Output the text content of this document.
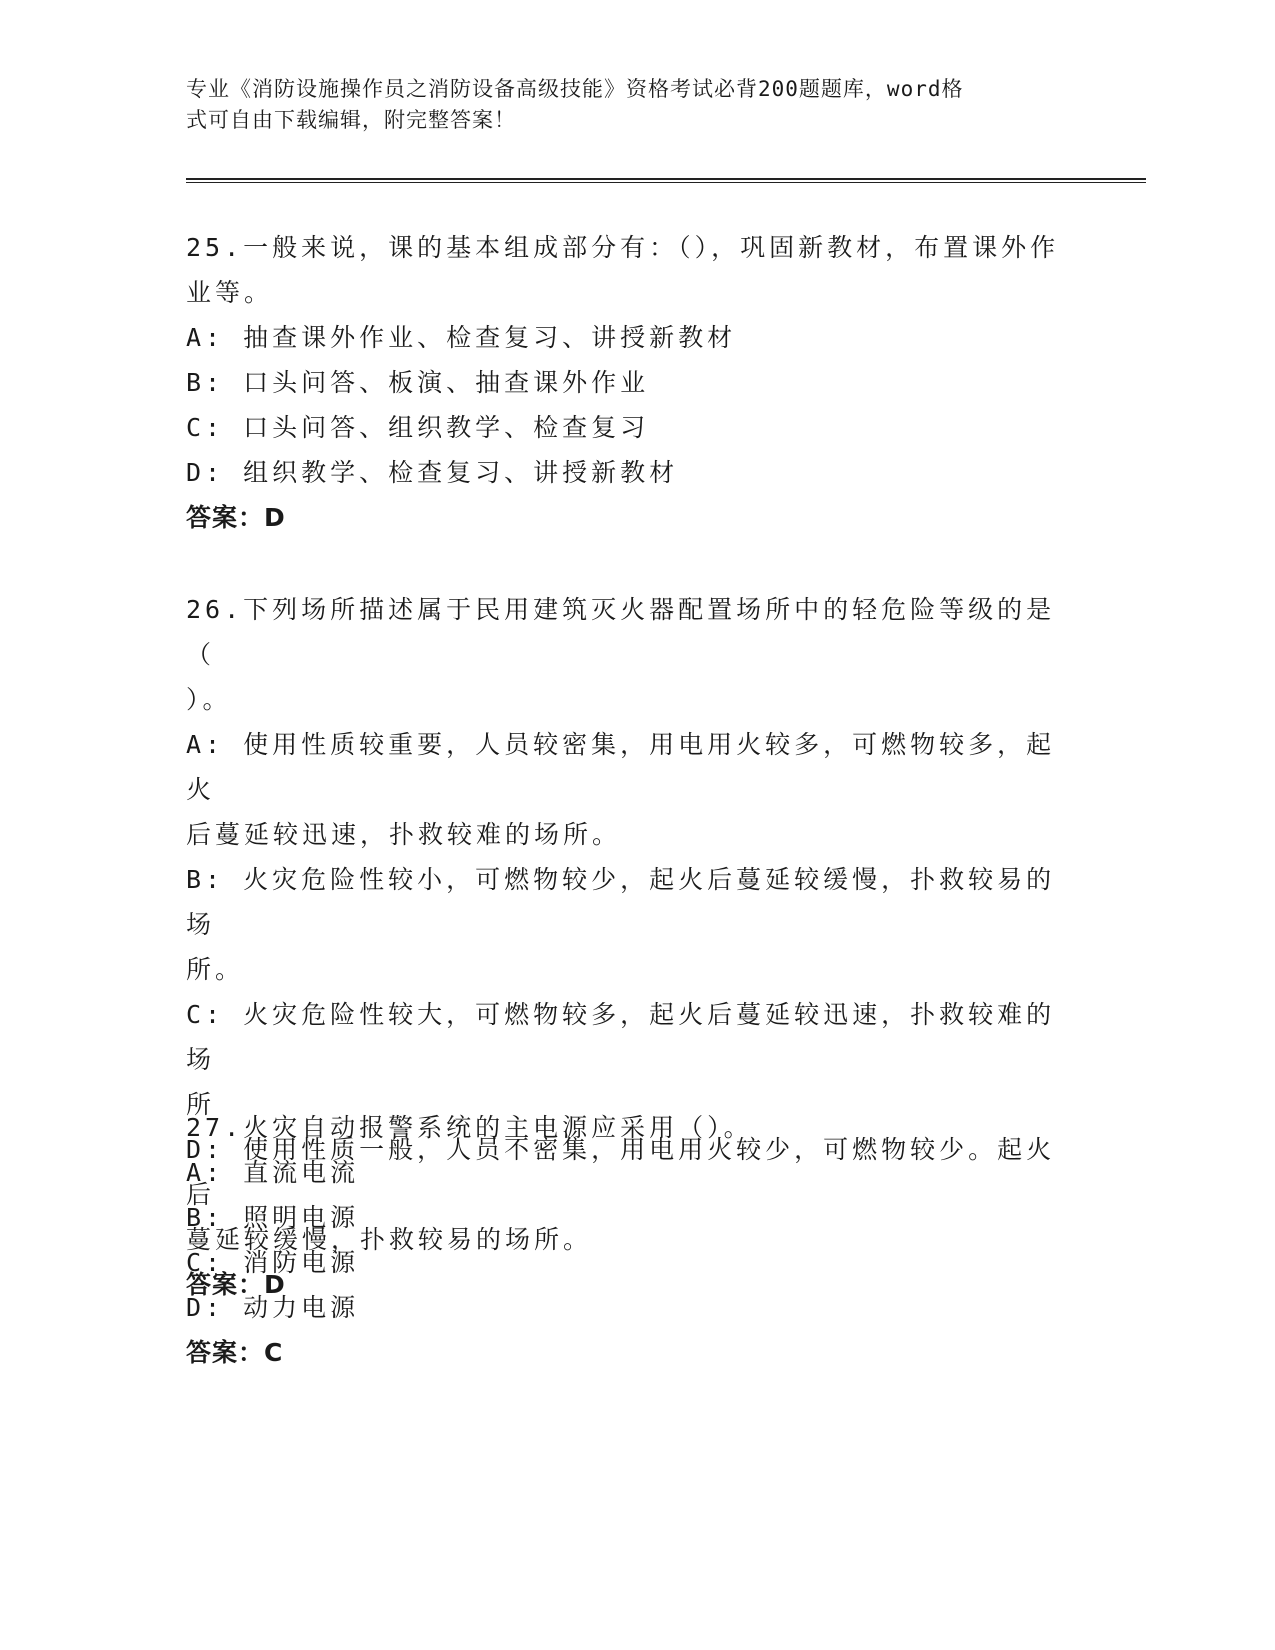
专业《消防设施操作员之消防设备高级技能》资格考试必背200题题库，word格
式可自由下载编辑，附完整答案！
25.一般来说，课的基本组成部分有：（），巩固新教材，布置课外作
业等。
A: 抽查课外作业、检查复习、讲授新教材
B: 口头问答、板演、抽查课外作业
C: 口头问答、组织教学、检查复习
D: 组织教学、检查复习、讲授新教材
答案：D
26.下列场所描述属于民用建筑灭火器配置场所中的轻危险等级的是（
）。
A: 使用性质较重要，人员较密集，用电用火较多，可燃物较多，起火
后蔓延较迅速，扑救较难的场所。
B: 火灾危险性较小，可燃物较少，起火后蔓延较缓慢，扑救较易的场
所。
C: 火灾危险性较大，可燃物较多，起火后蔓延较迅速，扑救较难的场
所
D: 使用性质一般，人员不密集，用电用火较少，可燃物较少。起火后
蔓延较缓慢，扑救较易的场所。
答案：D
27.火灾自动报警系统的主电源应采用（）。
A: 直流电流
B: 照明电源
C: 消防电源
D: 动力电源
答案：C
